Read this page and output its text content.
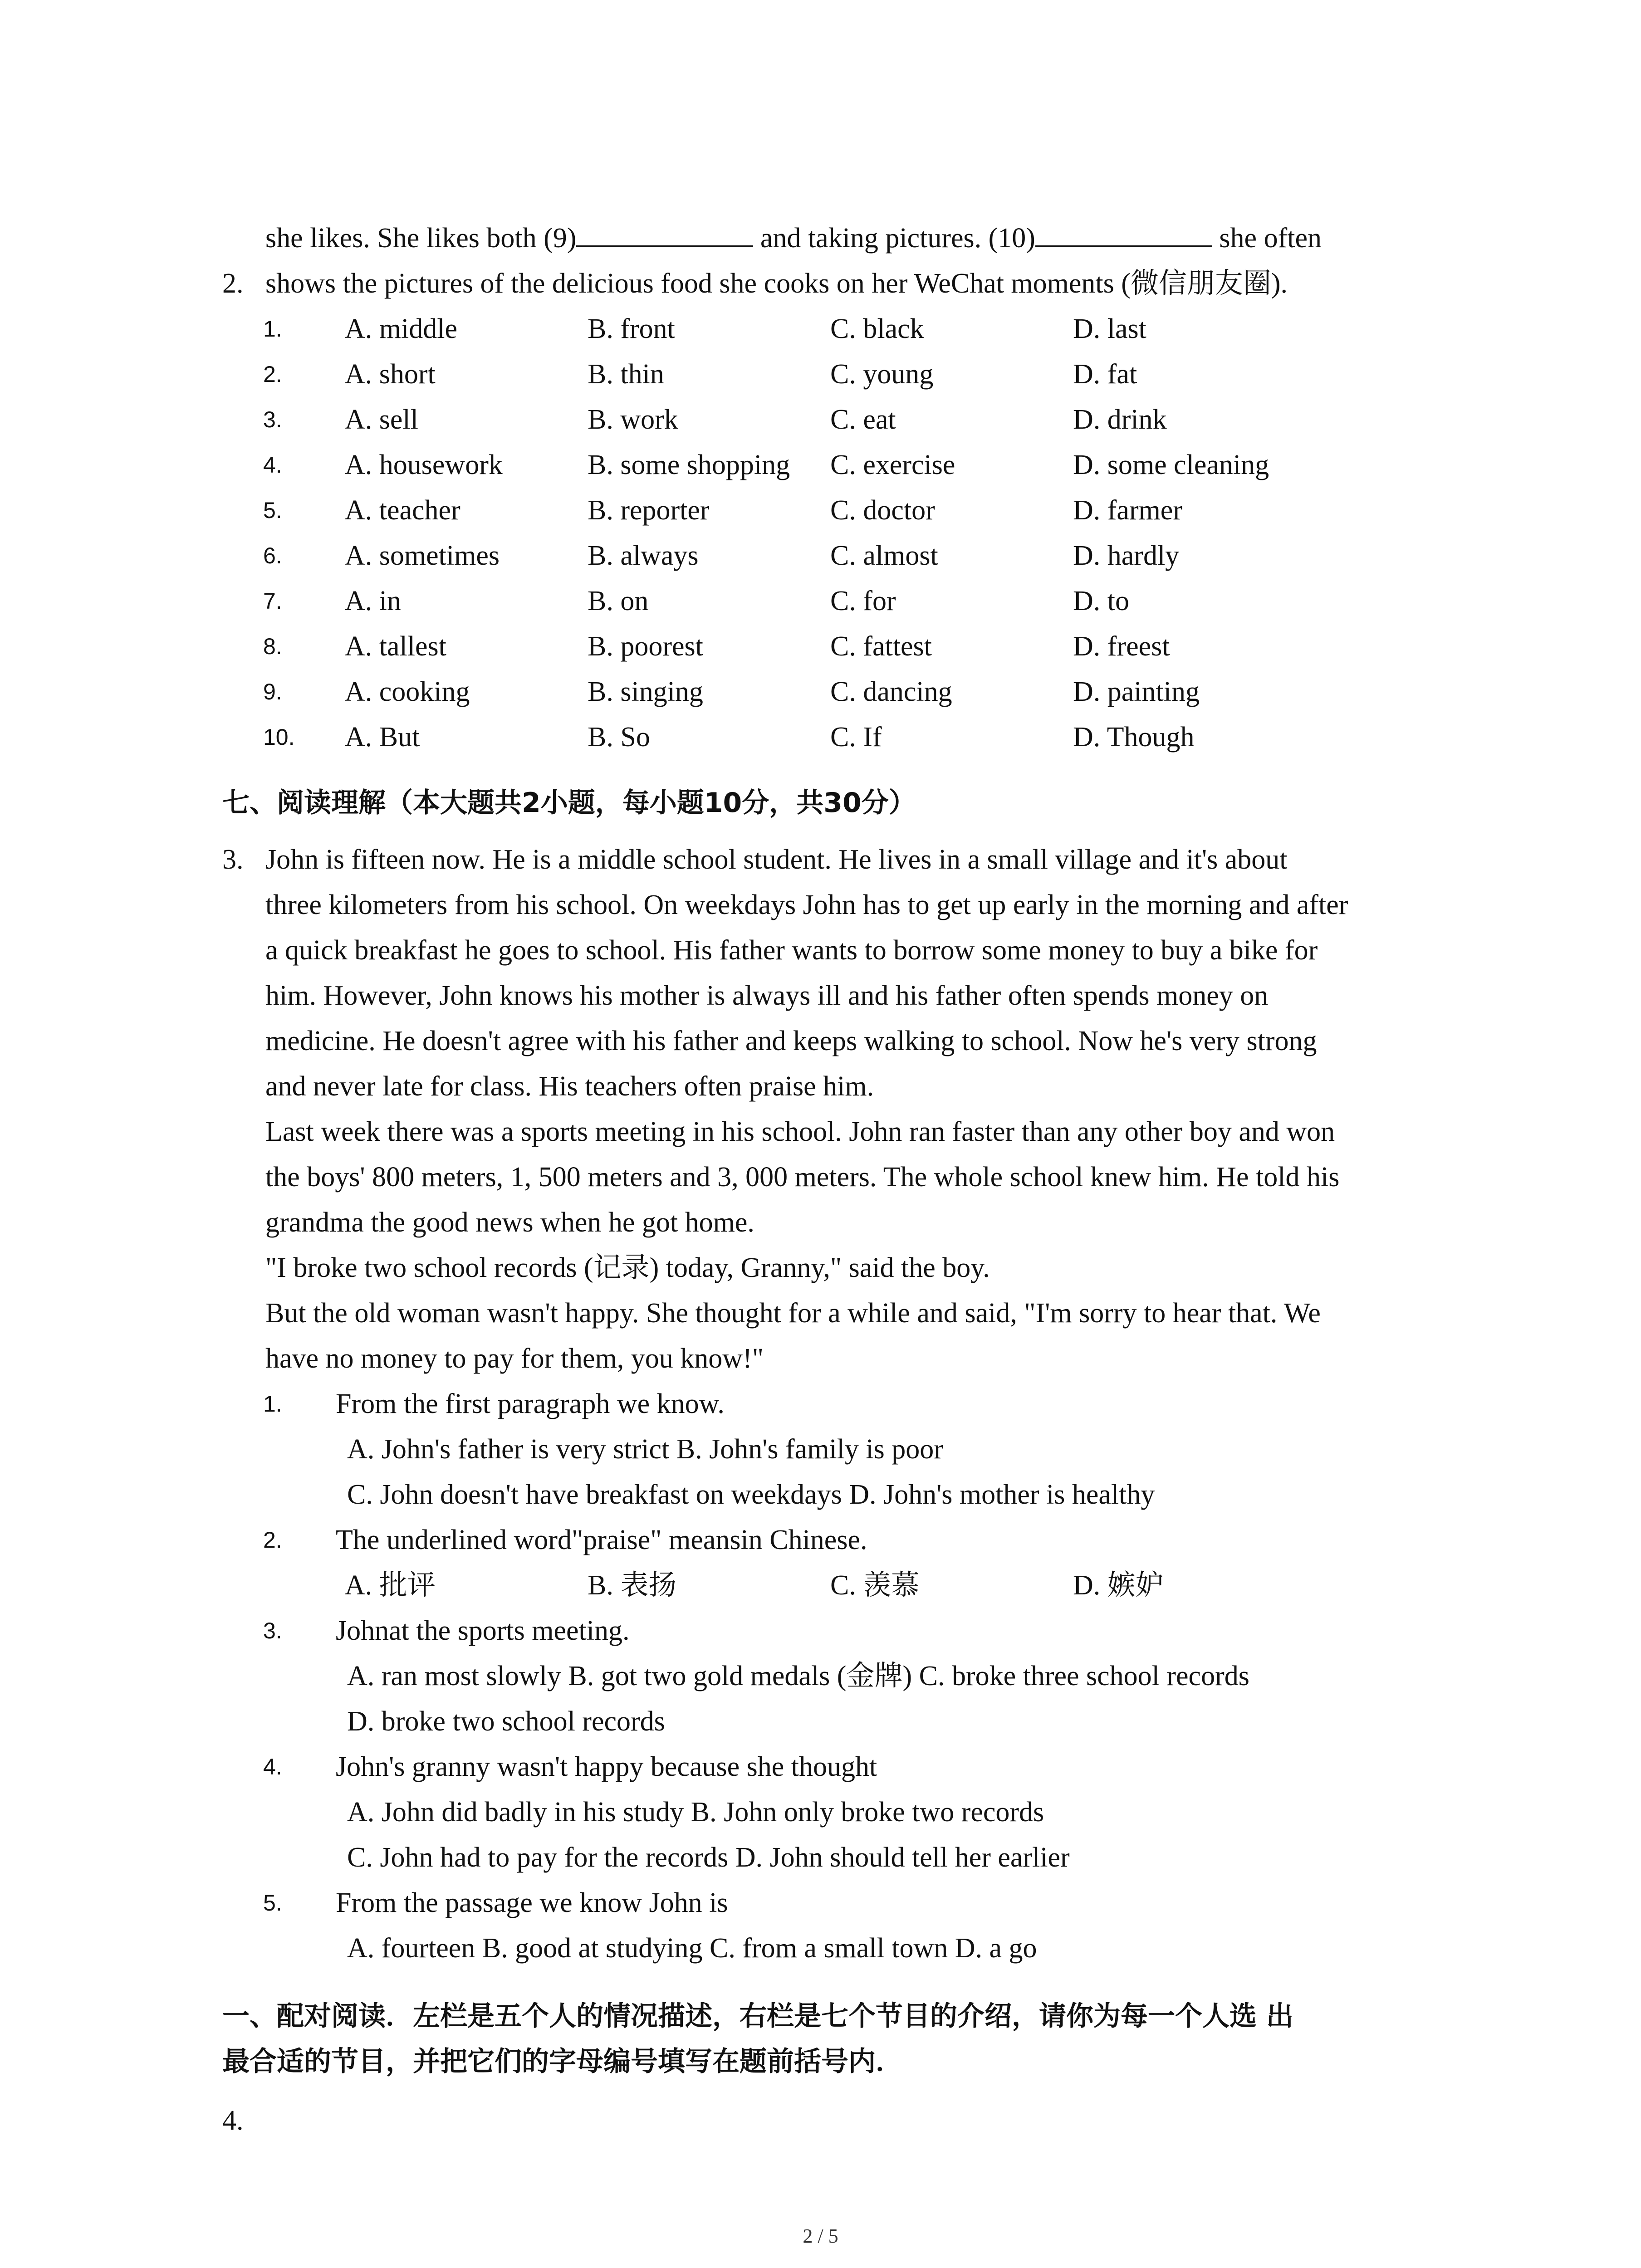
she likes. She likes both (9)	and taking pictures. (10)	she often
2. shows the pictures of the delicious food she cooks on her WeChat moments (微信朋友圈).
1. A. middle	B. front	C. black	D. last
2. A. short	B. thin	C. young	D. fat
3. A. sell	B. work	C. eat	D. drink
4. A. housework	B. some shopping C. exercise	D. some cleaning
5. A. teacher	B. reporter	C. doctor	D. farmer
6. A. sometimes	B. always	C. almost	D. hardly
7. A. in	B. on	C. for	D. to
8. A. tallest	B. poorest	C. fattest	D. freest
9. A. cooking	B. singing	C. dancing	D. painting
10. A. But	B. So	C. If	D. Though
七、阅读理解（本大题共2小题，每小题10分，共30分）
3. John is fifteen now. He is a middle school student. He lives in a small village and it's about
three kilometers from his school. On weekdays John has to get up early in the morning and after
a quick breakfast he goes to school. His father wants to borrow some money to buy a bike for
him. However, John knows his mother is always ill and his father often spends money on
medicine. He doesn't agree with his father and keeps walking to school. Now he's very strong
and never late for class. His teachers often praise him.
Last week there was a sports meeting in his school. John ran faster than any other boy and won
the boys' 800 meters, 1, 500 meters and 3, 000 meters. The whole school knew him. He told his
grandma the good news when he got home.
"I broke two school records (记录) today, Granny," said the boy.
But the old woman wasn't happy. She thought for a while and said, "I'm sorry to hear that. We
have no money to pay for them, you know!"
1. From the first paragraph we know.
A. John's father is very strict B. John's family is poor
C. John doesn't have breakfast on weekdays D. John's mother is healthy
2. The underlined word"praise" meansin Chinese.
A. 批评	B. 表扬	C. 羡慕	D. 嫉妒
3. Johnat the sports meeting.
A. ran most slowly B. got two gold medals (金牌) C. broke three school records
D. broke two school records
4. John's granny wasn't happy because she thought
A. John did badly in his study B. John only broke two records
C. John had to pay for the records D. John should tell her earlier
5. From the passage we know John is
A. fourteen B. good at studying C. from a small town D. a go
一、配对阅读．左栏是五个人的情况描述，右栏是七个节目的介绍，请你为每一个人选 出
最合适的节目，并把它们的字母编号填写在题前括号内．
4.
2 / 5
